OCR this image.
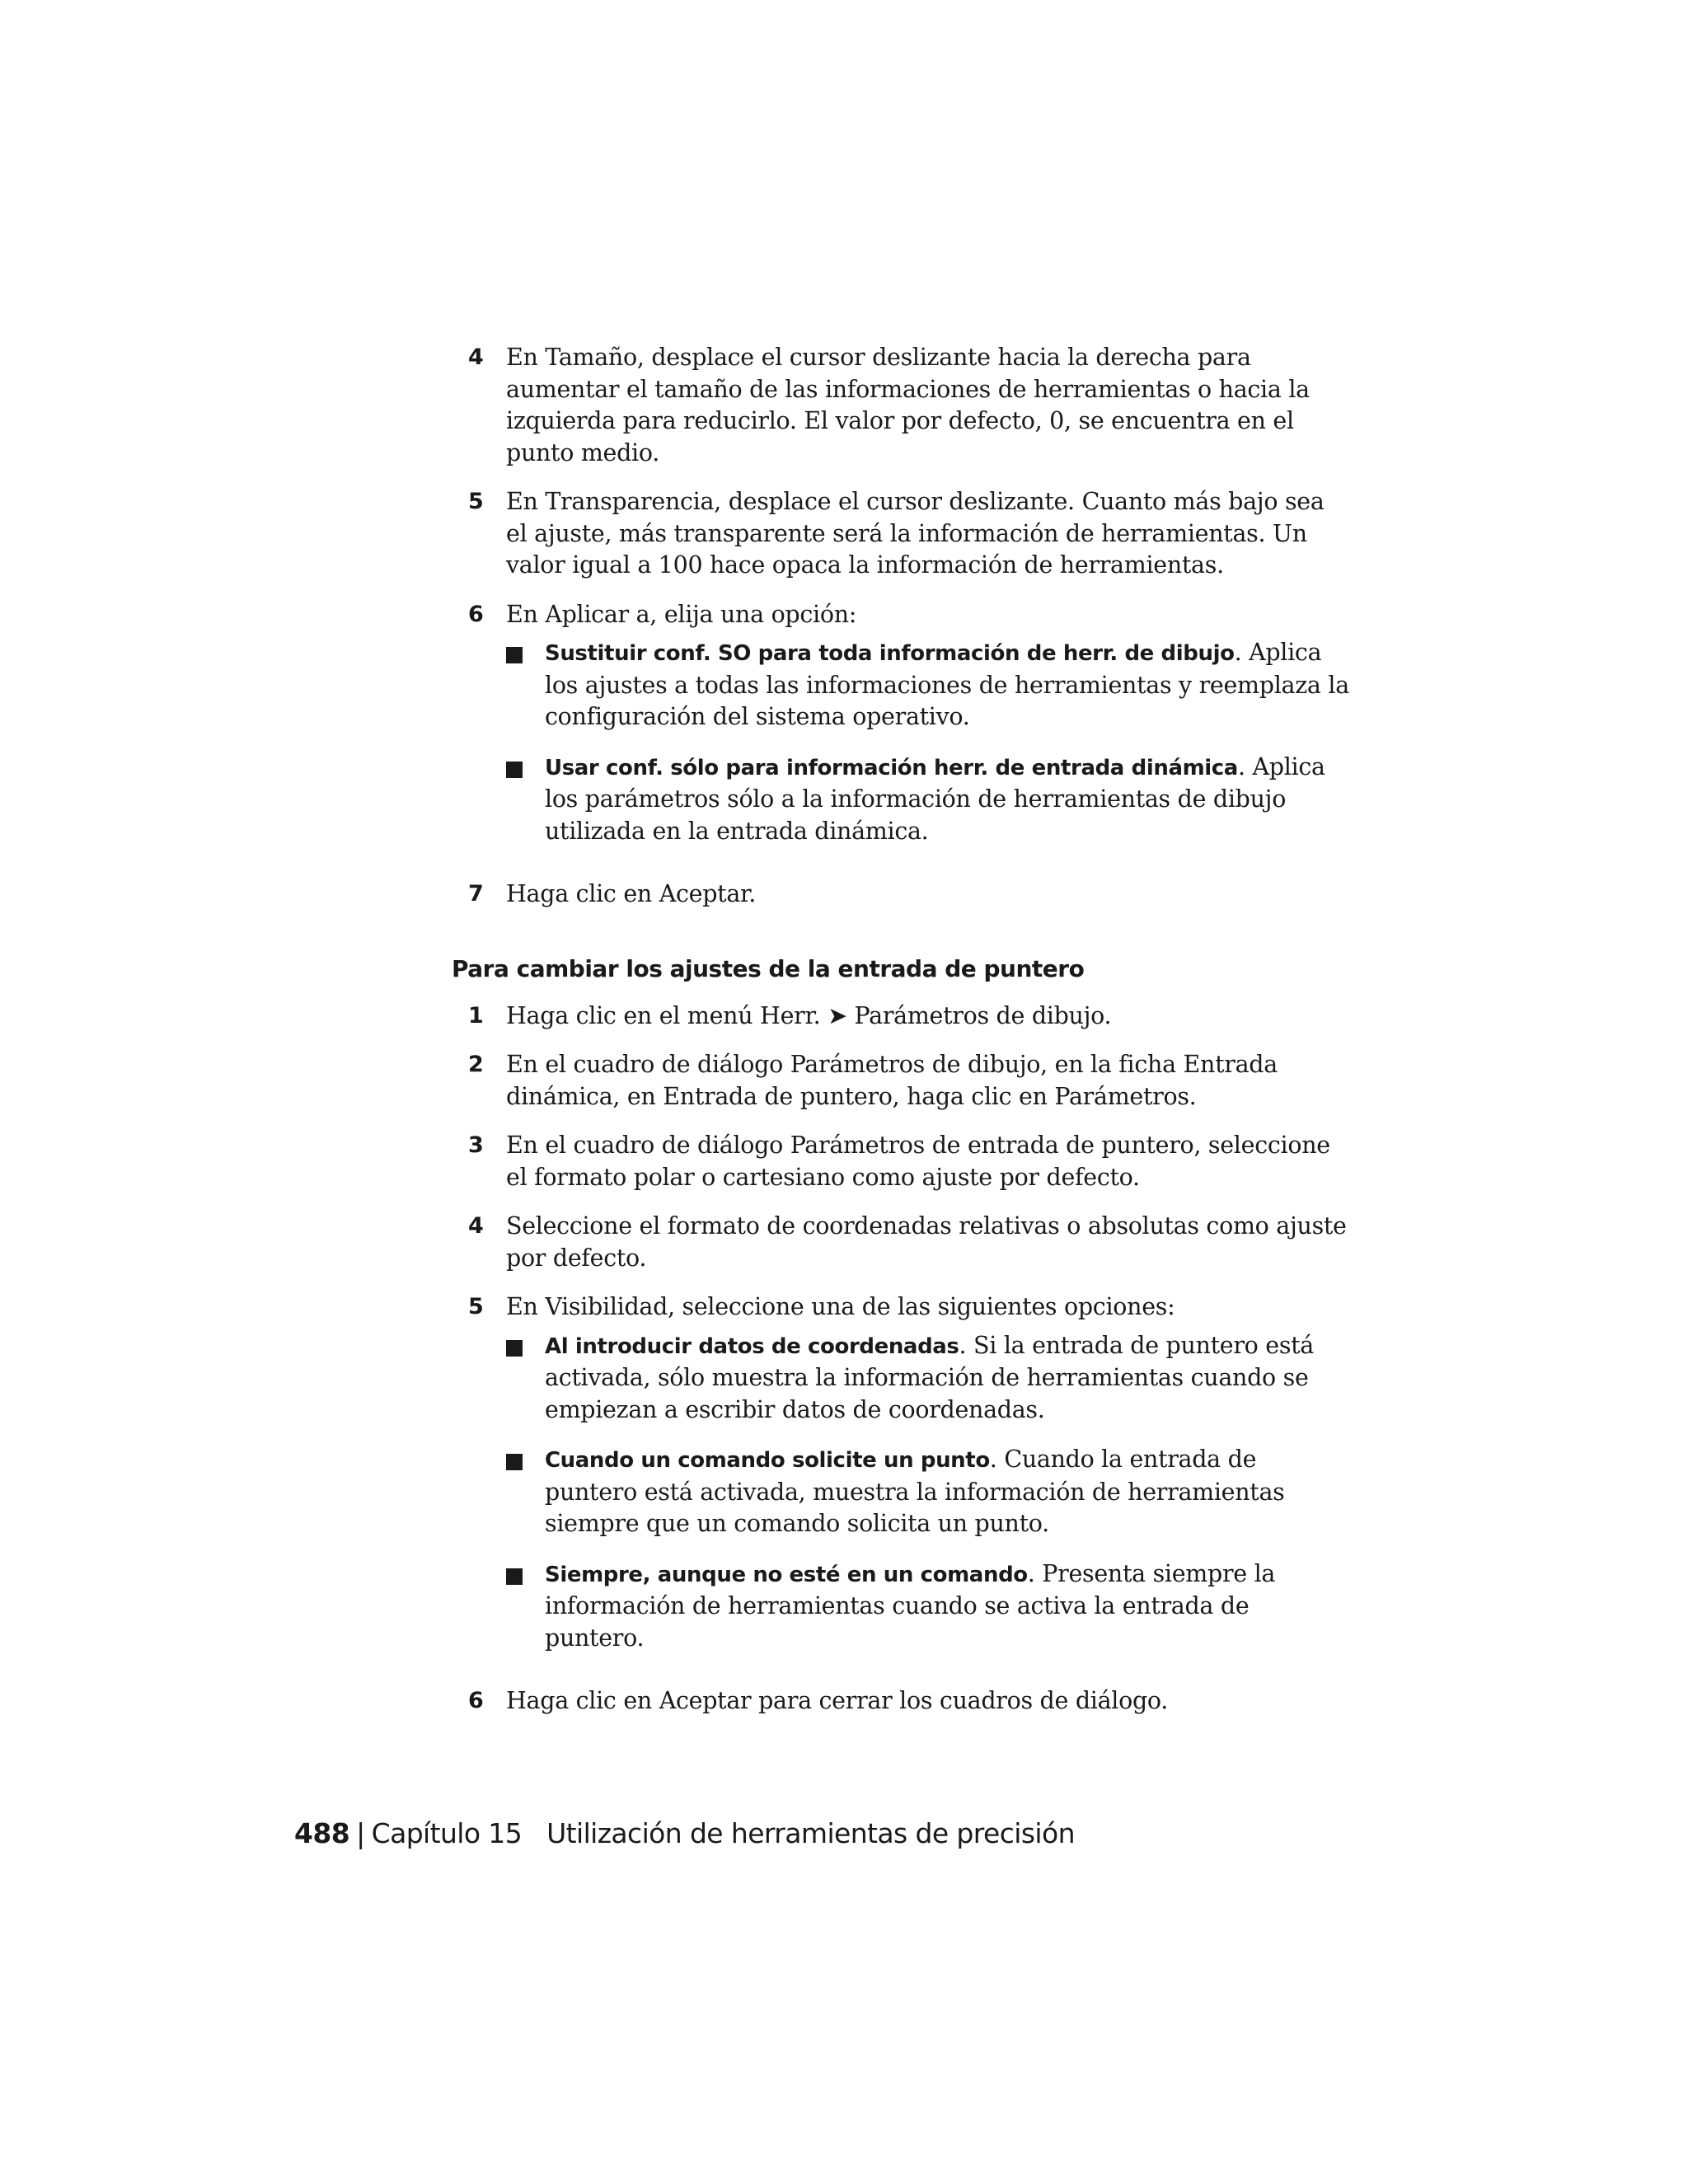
4 En Tamaño, desplace el cursor deslizante hacia la derecha para aumentar el tamaño de las informaciones de herramientas o hacia la izquierda para reducirlo. El valor por defecto, 0, se encuentra en el punto medio.
5 En Transparencia, desplace el cursor deslizante. Cuanto más bajo sea el ajuste, más transparente será la información de herramientas. Un valor igual a 100 hace opaca la información de herramientas.
6 En Aplicar a, elija una opción:
Sustituir conf. SO para toda información de herr. de dibujo. Aplica los ajustes a todas las informaciones de herramientas y reemplaza la configuración del sistema operativo.
Usar conf. sólo para información herr. de entrada dinámica. Aplica los parámetros sólo a la información de herramientas de dibujo utilizada en la entrada dinámica.
7 Haga clic en Aceptar.
Para cambiar los ajustes de la entrada de puntero
1 Haga clic en el menú Herr. ➤ Parámetros de dibujo.
2 En el cuadro de diálogo Parámetros de dibujo, en la ficha Entrada dinámica, en Entrada de puntero, haga clic en Parámetros.
3 En el cuadro de diálogo Parámetros de entrada de puntero, seleccione el formato polar o cartesiano como ajuste por defecto.
4 Seleccione el formato de coordenadas relativas o absolutas como ajuste por defecto.
5 En Visibilidad, seleccione una de las siguientes opciones:
Al introducir datos de coordenadas. Si la entrada de puntero está activada, sólo muestra la información de herramientas cuando se empiezan a escribir datos de coordenadas.
Cuando un comando solicite un punto. Cuando la entrada de puntero está activada, muestra la información de herramientas siempre que un comando solicita un punto.
Siempre, aunque no esté en un comando. Presenta siempre la información de herramientas cuando se activa la entrada de puntero.
6 Haga clic en Aceptar para cerrar los cuadros de diálogo.
488 | Capítulo 15 Utilización de herramientas de precisión
